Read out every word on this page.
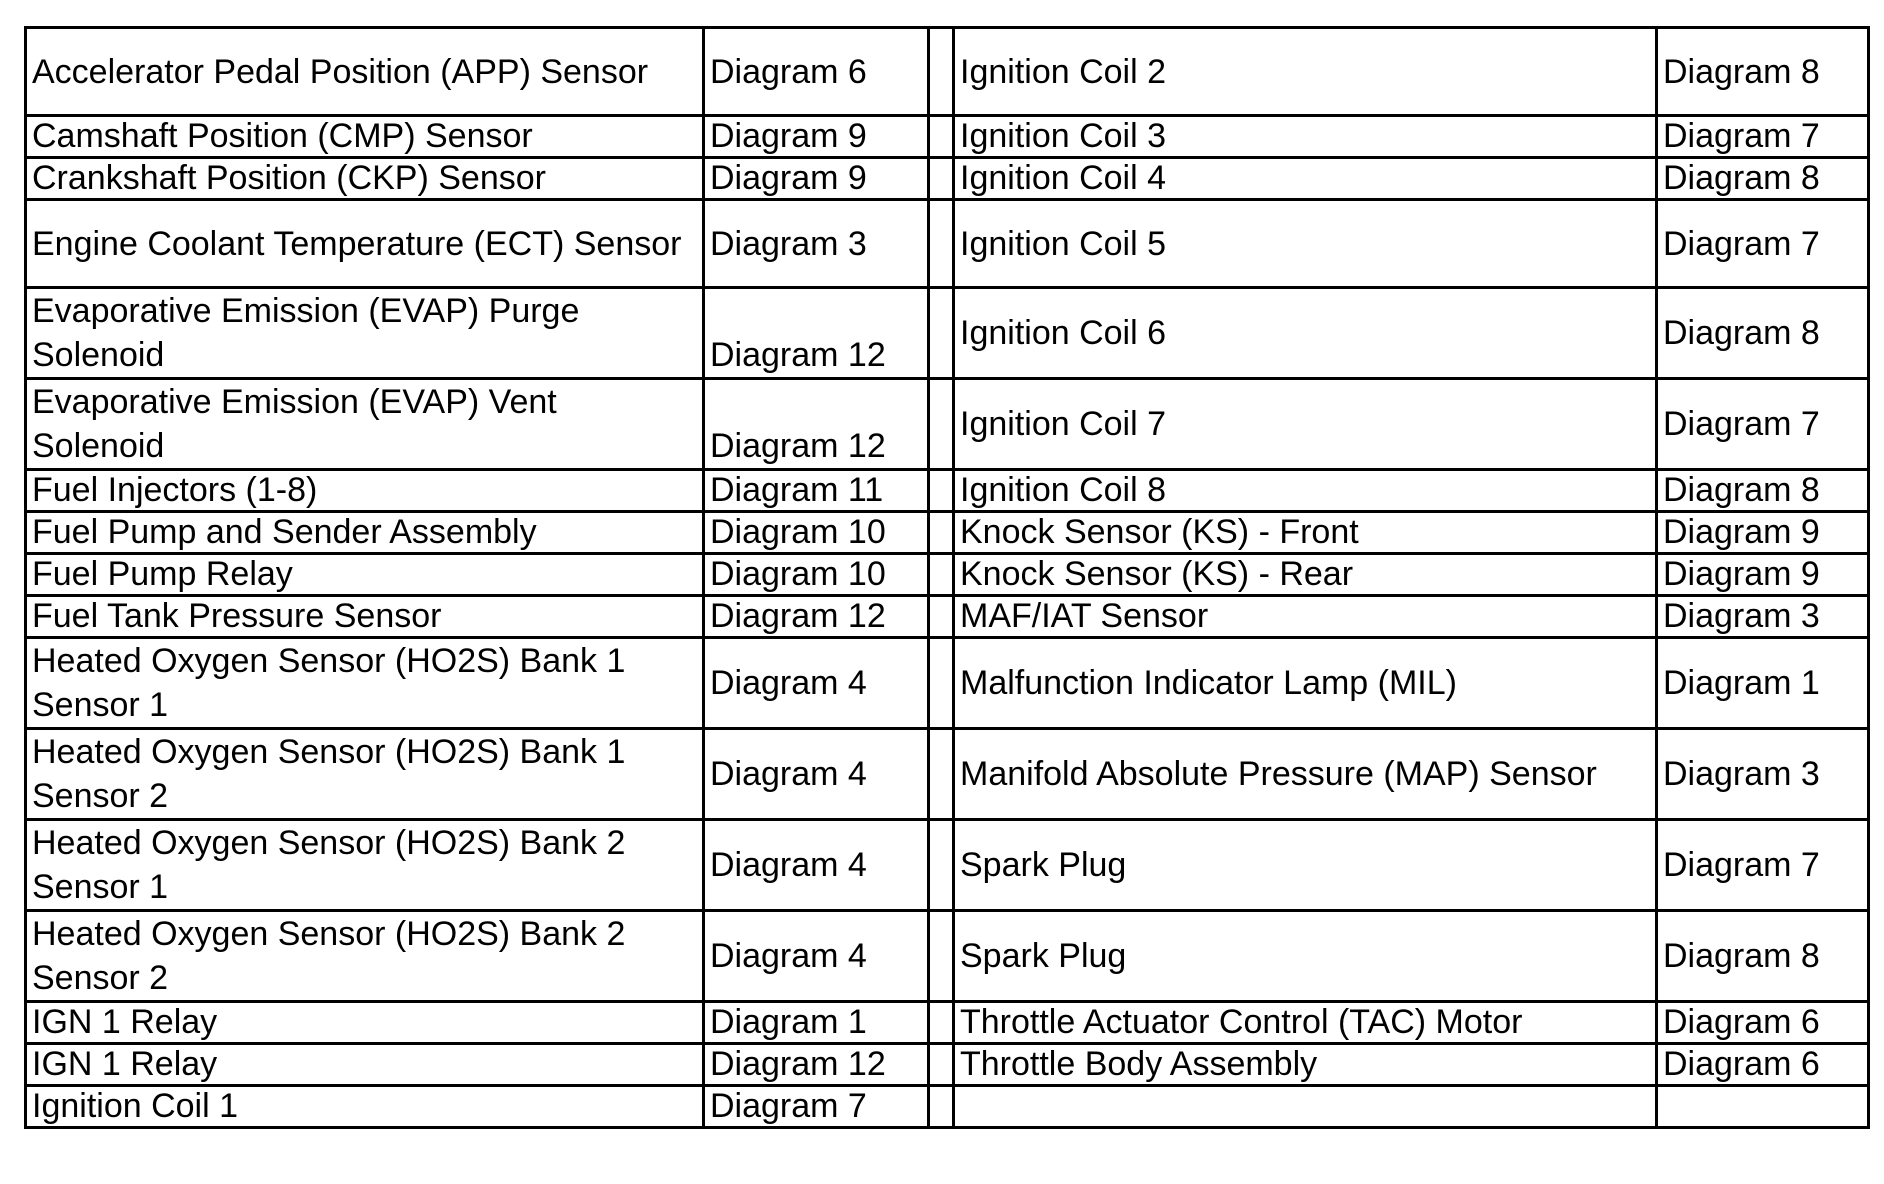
Accelerator Pedal Position (APP) Sensor	Diagram 6		Ignition Coil 2	Diagram 8
Camshaft Position (CMP) Sensor	Diagram 9		Ignition Coil 3	Diagram 7
Crankshaft Position (CKP) Sensor	Diagram 9		Ignition Coil 4	Diagram 8
Engine Coolant Temperature (ECT) Sensor	Diagram 3		Ignition Coil 5	Diagram 7
Evaporative Emission (EVAP) Purge Solenoid	Diagram 12		Ignition Coil 6	Diagram 8
Evaporative Emission (EVAP) Vent Solenoid	Diagram 12		Ignition Coil 7	Diagram 7
Fuel Injectors (1-8)	Diagram 11		Ignition Coil 8	Diagram 8
Fuel Pump and Sender Assembly	Diagram 10		Knock Sensor (KS) - Front	Diagram 9
Fuel Pump Relay	Diagram 10		Knock Sensor (KS) - Rear	Diagram 9
Fuel Tank Pressure Sensor	Diagram 12		MAF/IAT Sensor	Diagram 3
Heated Oxygen Sensor (HO2S) Bank 1 Sensor 1	Diagram 4		Malfunction Indicator Lamp (MIL)	Diagram 1
Heated Oxygen Sensor (HO2S) Bank 1 Sensor 2	Diagram 4		Manifold Absolute Pressure (MAP) Sensor	Diagram 3
Heated Oxygen Sensor (HO2S) Bank 2 Sensor 1	Diagram 4		Spark Plug	Diagram 7
Heated Oxygen Sensor (HO2S) Bank 2 Sensor 2	Diagram 4		Spark Plug	Diagram 8
IGN 1 Relay	Diagram 1		Throttle Actuator Control (TAC) Motor	Diagram 6
IGN 1 Relay	Diagram 12		Throttle Body Assembly	Diagram 6
Ignition Coil 1	Diagram 7			
